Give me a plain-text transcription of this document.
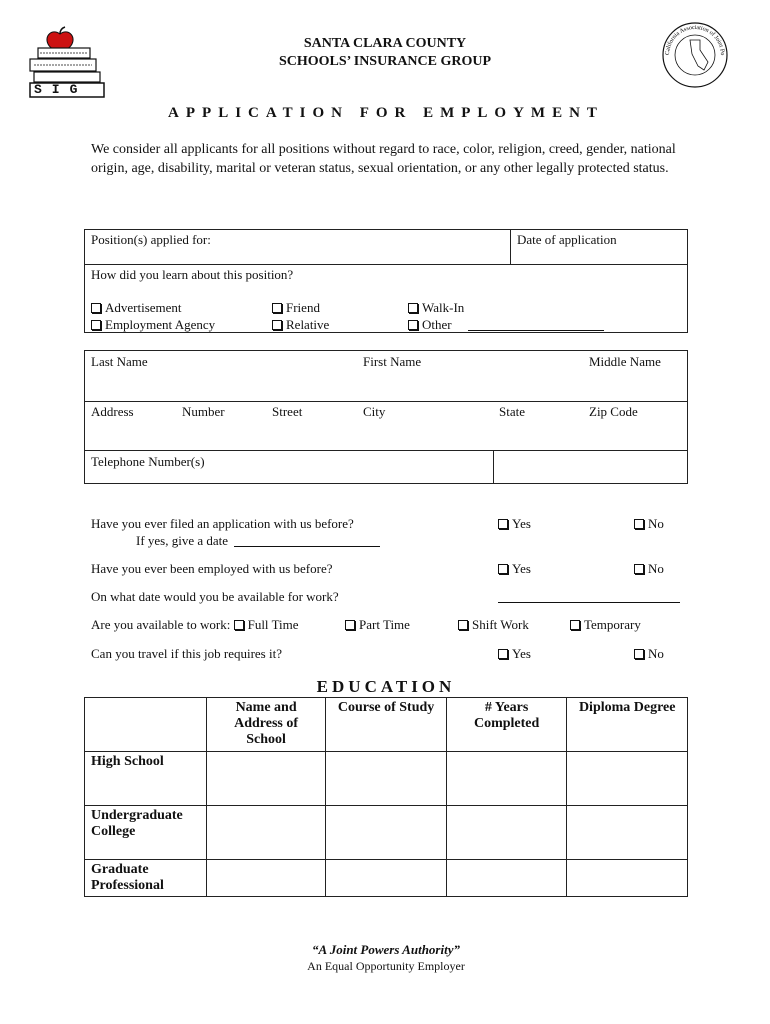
SIG
SANTA CLARA COUNTY
SCHOOLS’ INSURANCE GROUP
California Association of Joint Po
APPLICATION FOR EMPLOYMENT
We consider all applicants for all positions without regard to race, color, religion, creed, gender, national origin, age, disability, marital or veteran status, sexual orientation, or any other legally protected status.
Position(s) applied for:	Date of application
How did you learn about this position?
Advertisement	Friend	Walk-In
Employment Agency	Relative	Other
Last Name	First Name	Middle Name
Address	Number	Street	City	State	Zip Code
Telephone Number(s)
Have you ever filed an application with us before?	Yes	No
If yes, give a date
Have you ever been employed with us before?	Yes	No
On what date would you be available for work?
Are you available to work: Full Time	Part Time	Shift Work	Temporary
Can you travel if this job requires it?	Yes	No
EDUCATION
	Name and Address of School	Course of Study	# Years Completed	Diploma Degree
High School				
Undergraduate College				
Graduate Professional				
“A Joint Powers Authority”
An Equal Opportunity Employer
